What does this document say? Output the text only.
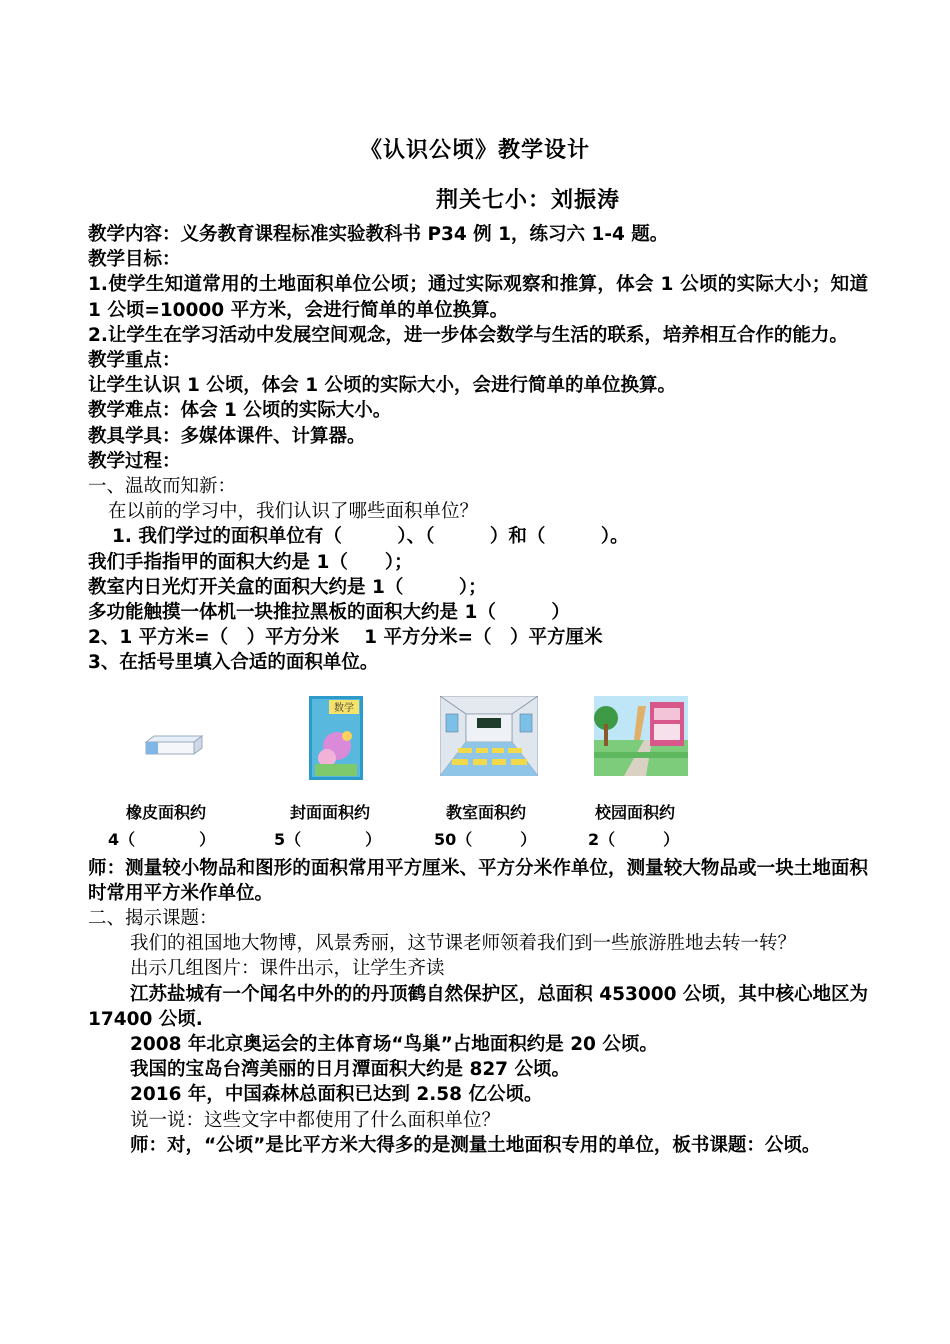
《认识公顷》教学设计
荆关七小：刘振涛
教学内容：义务教育课程标准实验教科书 P34 例 1，练习六 1-4 题。
教学目标：
1.使学生知道常用的土地面积单位公顷；通过实际观察和推算，体会 1 公顷的实际大小；知道 1 公顷=10000 平方米，会进行简单的单位换算。
2.让学生在学习活动中发展空间观念，进一步体会数学与生活的联系，培养相互合作的能力。
教学重点：
让学生认识 1 公顷，体会 1 公顷的实际大小，会进行简单的单位换算。
教学难点：体会 1 公顷的实际大小。
教具学具：多媒体课件、计算器。
教学过程：
一、温故而知新：
在以前的学习中，我们认识了哪些面积单位？
1. 我们学过的面积单位有（　　　）、（　　　）和（　　　）。
我们手指指甲的面积大约是 1（　　）；
教室内日光灯开关盒的面积大约是 1（　　　）；
多功能触摸一体机一块推拉黑板的面积大约是 1（　　　）
2、1 平方米=（　）平方分米　 1 平方分米=（　）平方厘米
3、在括号里填入合适的面积单位。
数学
橡皮面积约	封面面积约	教室面积约	校园面积约
4（　　　　）	5（　　　　）	50（　　　）	2（　　　）
师：测量较小物品和图形的面积常用平方厘米、平方分米作单位，测量较大物品或一块土地面积时常用平方米作单位。
二、揭示课题：
我们的祖国地大物博，风景秀丽，这节课老师领着我们到一些旅游胜地去转一转？
出示几组图片：课件出示，让学生齐读
江苏盐城有一个闻名中外的的丹顶鹤自然保护区，总面积 453000 公顷，其中核心地区为 17400 公顷.
2008 年北京奥运会的主体育场“鸟巢”占地面积约是 20 公顷。
我国的宝岛台湾美丽的日月潭面积大约是 827 公顷。
2016 年，中国森林总面积已达到 2.58 亿公顷。
说一说：这些文字中都使用了什么面积单位？
师：对，“公顷”是比平方米大得多的是测量土地面积专用的单位，板书课题：公顷。
